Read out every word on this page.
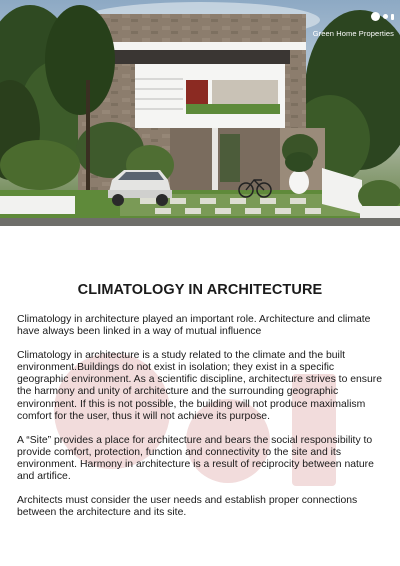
Green Home Properties
CLIMATOLOGY IN ARCHITECTURE

Climatology in architecture played an important role. Architecture and climate have always been linked in a way of mutual influence

Climatology in architecture is a study related to the climate and the built environment.Buildings do not exist in isolation; they exist in a specific geographic environment. As a scientific discipline, architecture strives to ensure the harmony and unity of architecture and the surrounding geographic environment. If this is not possible, the building will not produce maximalism comfort for the user, thus it will not achieve its purpose.

A “Site” provides a place for architecture and bears the social responsibility to provide comfort, protection, function and connectivity to the site and its environment. Harmony in architecture is a result of reciprocity between nature and artifice.

Architects must consider the user needs and establish proper connections between the architecture and its site.
